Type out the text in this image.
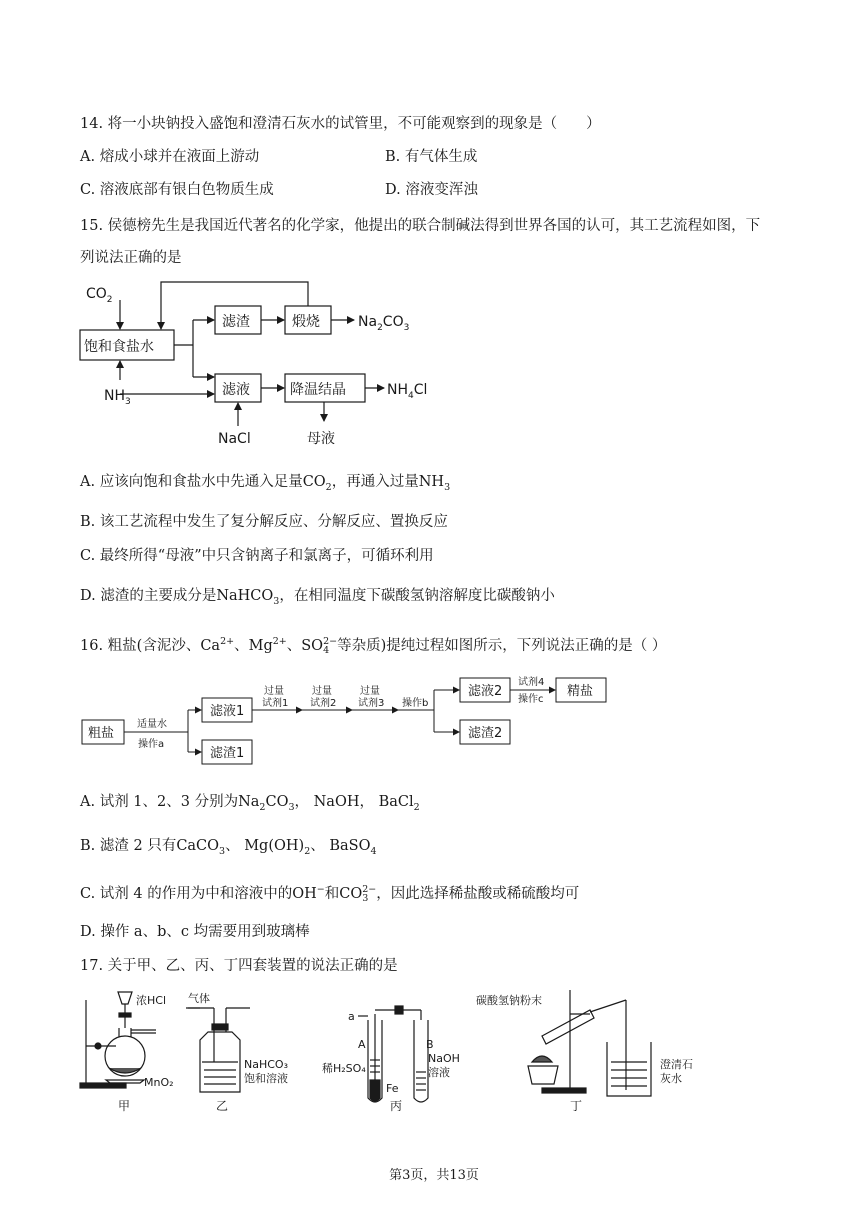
14. 将一小块钠投入盛饱和澄清石灰水的试管里，不可能观察到的现象是（　　）
A. 熔成小球并在液面上游动	B. 有气体生成
C. 溶液底部有银白色物质生成	D. 溶液变浑浊
15. 侯德榜先生是我国近代著名的化学家，他提出的联合制碱法得到世界各国的认可，其工艺流程如图，下
列说法正确的是
$CO_2$
饱和食盐水
$NH_3$
滤渣	煅烧	$Na_2CO_3$
滤液	降温结晶	$NH_4Cl$
NaCl	母液
A. 应该向饱和食盐水中先通入足量$CO_2$，再通入过量$NH_3$
B. 该工艺流程中发生了复分解反应、分解反应、置换反应
C. 最终所得“母液”中只含钠离子和氯离子，可循环利用
D. 滤渣的主要成分是NaHCO$_3$，在相同温度下碳酸氢钠溶解度比碳酸钠小
16. 粗盐(含泥沙、$Ca^{2+}$、$Mg^{2+}$、SO 2−
4 等杂质)提纯过程如图所示，下列说法正确的是（ ）
适量水
操作a
过量
试剂1
过量
试剂2
过量
试剂3 操作b
试剂4
操作c
粗盐
滤液1
滤渣1
滤液2
滤渣2
精盐
A. 试剂 1、2、3 分别为$Na_2CO_3$， NaOH， BaCl$_2$
B. 滤渣 2 只有CaCO$_3$、 $Mg(OH)_2$、 BaSO$_4$
C. 试剂 4 的作用为中和溶液中的OH−和CO 2−
3 ，因此选择稀盐酸或稀硫酸均可
D. 操作 a、b、c 均需要用到玻璃棒
17. 关于甲、乙、丙、丁四套装置的说法正确的是
浓HCl
MnO₂
气体
NaHCO₃
饱和溶液
a
A	B
稀H₂SO₄
Fe
NaOH
溶液
碳酸氢钠粉末
澄清石
灰水
甲	乙	丙	丁
第3页，共13页
